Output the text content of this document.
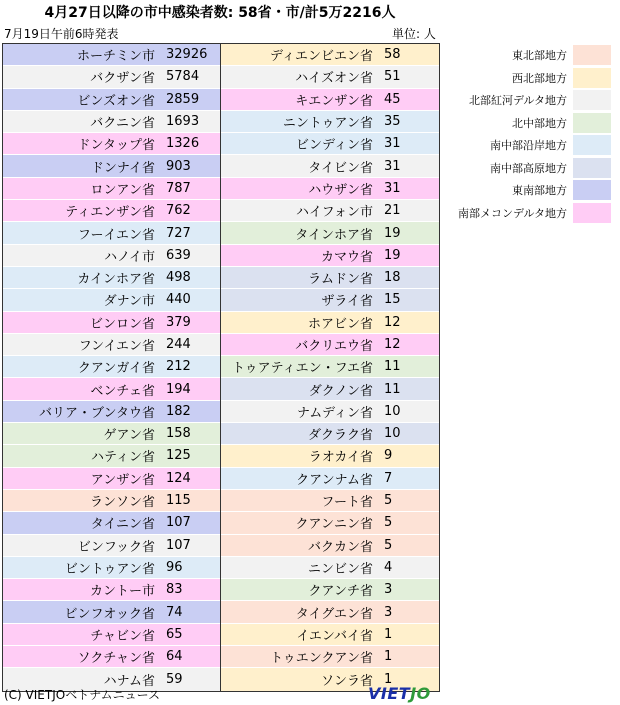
4月27日以降の市中感染者数: 58省・市/計5万2216人
7月19日午前6時発表	単位: 人
ホーチミン市 32926
バクザン省 5784
ビンズオン省 2859
バクニン省 1693
ドンタップ省 1326
ドンナイ省 903
ロンアン省 787
ティエンザン省 762
フーイエン省 727
ハノイ市 639
カインホア省 498
ダナン市 440
ビンロン省 379
フンイエン省 244
クアンガイ省 212
ベンチェ省 194
バリア・ブンタウ省 182
ゲアン省 158
ハティン省 125
アンザン省 124
ランソン省 115
タイニン省 107
ビンフック省 107
ビントゥアン省 96
カントー市 83
ビンフオック省 74
チャビン省 65
ソクチャン省 64
ハナム省 59
ディエンビエン省 58
ハイズオン省 51
キエンザン省 45
ニントゥアン省 35
ビンディン省 31
タイビン省 31
ハウザン省 31
ハイフォン市 21
タインホア省 19
カマウ省 19
ラムドン省 18
ザライ省 15
ホアビン省 12
バクリエウ省 12
トゥアティエン・フエ省 11
ダクノン省 11
ナムディン省 10
ダクラク省 10
ラオカイ省 9
クアンナム省 7
フート省 5
クアンニン省 5
バクカン省 5
ニンビン省 4
クアンチ省 3
タイグエン省 3
イエンバイ省 1
トゥエンクアン省 1
ソンラ省 1
東北部地方
西北部地方
北部紅河デルタ地方
北中部地方
南中部沿岸地方
南中部高原地方
東南部地方
南部メコンデルタ地方
(C) VIETJOベトナムニュース	VIETJO
